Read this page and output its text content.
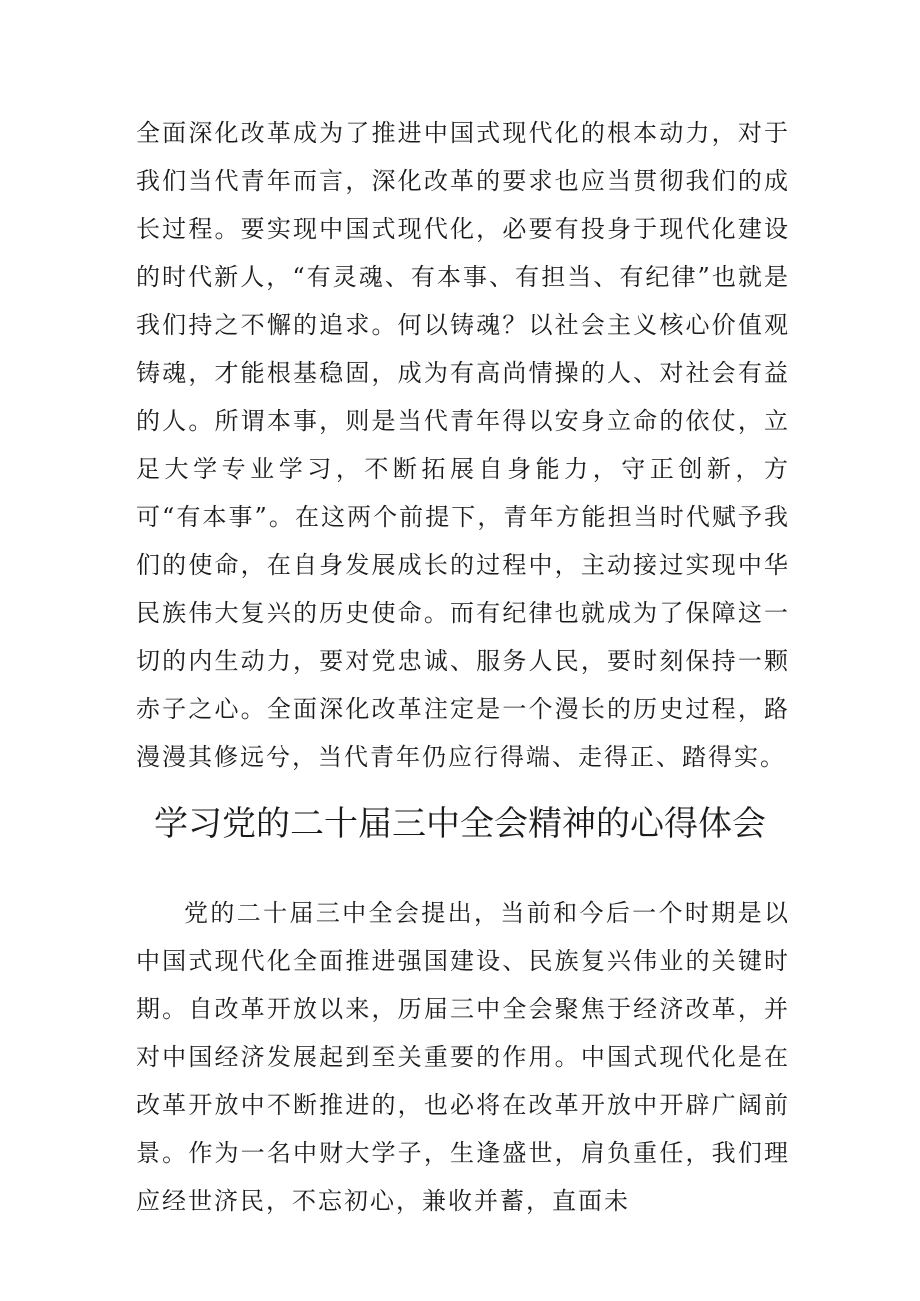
全面深化改革成为了推进中国式现代化的根本动力，对于我们当代青年而言，深化改革的要求也应当贯彻我们的成长过程。要实现中国式现代化，必要有投身于现代化建设的时代新人，“有灵魂、有本事、有担当、有纪律”也就是我们持之不懈的追求。何以铸魂？以社会主义核心价值观铸魂，才能根基稳固，成为有高尚情操的人、对社会有益的人。所谓本事，则是当代青年得以安身立命的依仗，立足大学专业学习，不断拓展自身能力，守正创新，方可“有本事”。在这两个前提下，青年方能担当时代赋予我们的使命，在自身发展成长的过程中，主动接过实现中华民族伟大复兴的历史使命。而有纪律也就成为了保障这一切的内生动力，要对党忠诚、服务人民，要时刻保持一颗赤子之心。全面深化改革注定是一个漫长的历史过程，路漫漫其修远兮，当代青年仍应行得端、走得正、踏得实。

学习党的二十届三中全会精神的心得体会

党的二十届三中全会提出，当前和今后一个时期是以中国式现代化全面推进强国建设、民族复兴伟业的关键时期。自改革开放以来，历届三中全会聚焦于经济改革，并对中国经济发展起到至关重要的作用。中国式现代化是在改革开放中不断推进的，也必将在改革开放中开辟广阔前景。作为一名中财大学子，生逢盛世，肩负重任，我们理应经世济民，不忘初心，兼收并蓄，直面未
